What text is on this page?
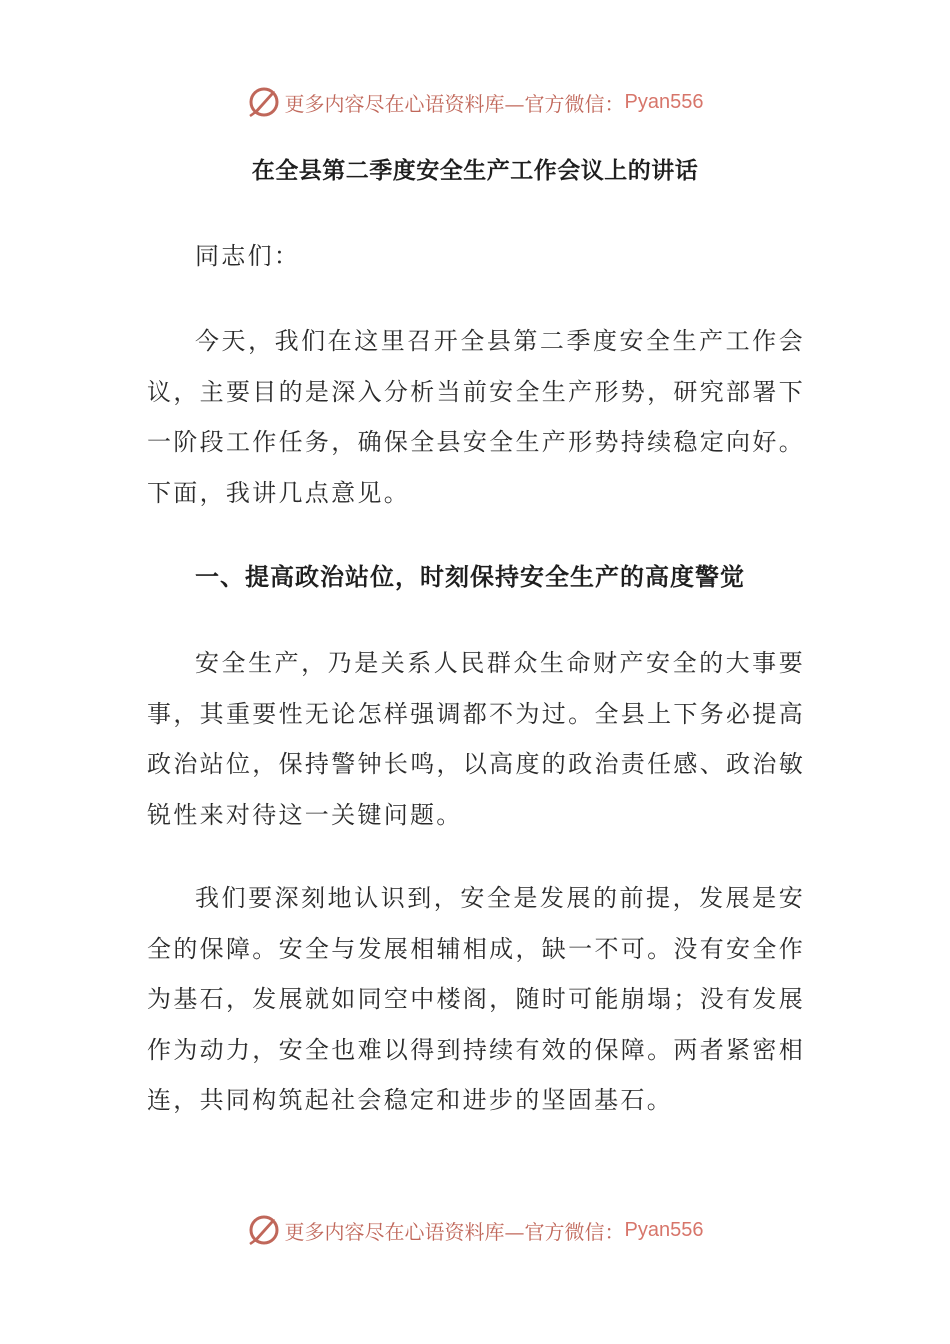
更多内容尽在心语资料库—官方微信： Pyan556
在全县第二季度安全生产工作会议上的讲话

同志们：

今天，我们在这里召开全县第二季度安全生产工作会议，主要目的是深入分析当前安全生产形势，研究部署下一阶段工作任务，确保全县安全生产形势持续稳定向好。下面，我讲几点意见。

一、提高政治站位，时刻保持安全生产的高度警觉

安全生产，乃是关系人民群众生命财产安全的大事要事，其重要性无论怎样强调都不为过。全县上下务必提高政治站位，保持警钟长鸣，以高度的政治责任感、政治敏锐性来对待这一关键问题。

我们要深刻地认识到，安全是发展的前提，发展是安全的保障。安全与发展相辅相成，缺一不可。没有安全作为基石，发展就如同空中楼阁，随时可能崩塌；没有发展作为动力，安全也难以得到持续有效的保障。两者紧密相连，共同构筑起社会稳定和进步的坚固基石。

更多内容尽在心语资料库—官方微信： Pyan556
